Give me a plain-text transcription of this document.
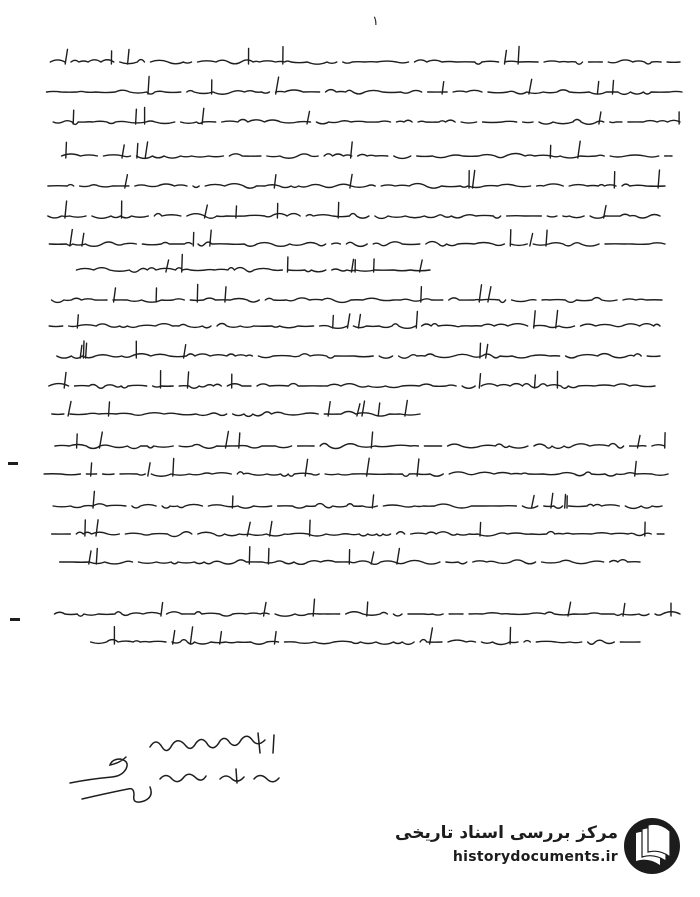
۱
مرکز بررسی اسناد تاریخی
historydocuments.ir
